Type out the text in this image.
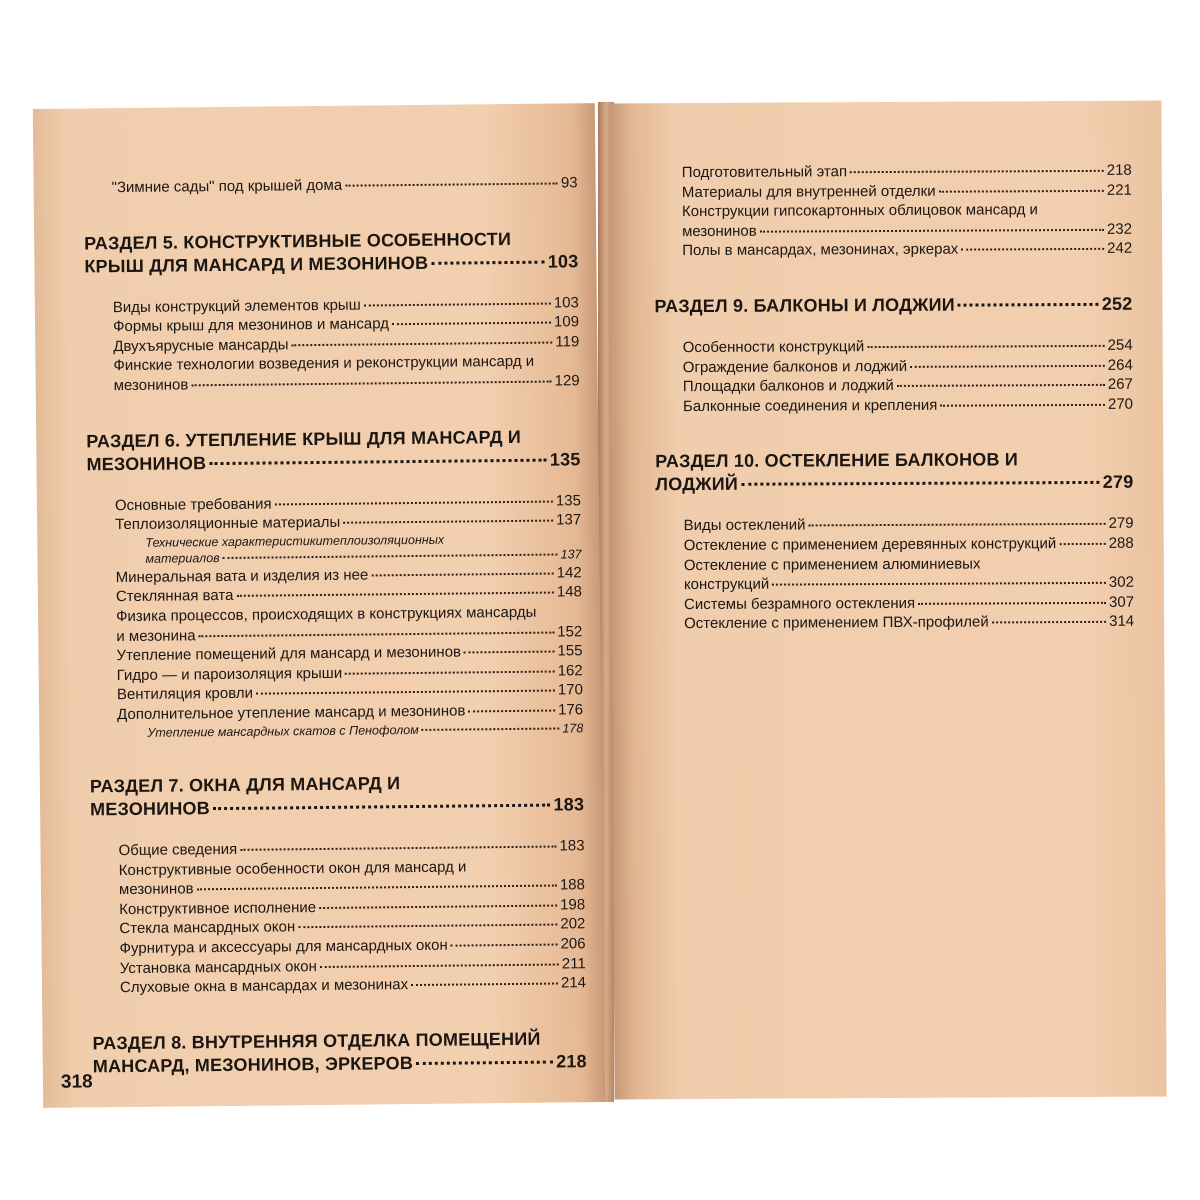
"Зимние сады" под крышей дома	93
РАЗДЕЛ 5. КОНСТРУКТИВНЫЕ ОСОБЕННОСТИ
КРЫШ ДЛЯ МАНСАРД И МЕЗОНИНОВ	103
Виды конструкций элементов крыш	103
Формы крыш для мезонинов и мансард	109
Двухъярусные мансарды	119
Финские технологии возведения и реконструкции мансард и
мезонинов	129
РАЗДЕЛ 6. УТЕПЛЕНИЕ КРЫШ ДЛЯ МАНСАРД И
МЕЗОНИНОВ	135
Основные требования	135
Теплоизоляционные материалы	137
Технические характеристикитеплоизоляционных
материалов	137
Минеральная вата и изделия из нее	142
Стеклянная вата	148
Физика процессов, происходящих в конструкциях мансарды
и мезонина	152
Утепление помещений для мансард и мезонинов	155
Гидро — и пароизоляция крыши	162
Вентиляция кровли	170
Дополнительное утепление мансард и мезонинов	176
Утепление мансардных скатов с Пенофолом	178
РАЗДЕЛ 7. ОКНА ДЛЯ МАНСАРД И
МЕЗОНИНОВ	183
Общие сведения	183
Конструктивные особенности окон для мансард и
мезонинов	188
Конструктивное исполнение	198
Стекла мансардных окон	202
Фурнитура и аксессуары для мансардных окон	206
Установка мансардных окон	211
Слуховые окна в мансардах и мезонинах	214
РАЗДЕЛ 8. ВНУТРЕННЯЯ ОТДЕЛКА ПОМЕЩЕНИЙ
МАНСАРД, МЕЗОНИНОВ, ЭРКЕРОВ	218
318
Подготовительный этап	218
Материалы для внутренней отделки	221
Конструкции гипсокартонных облицовок мансард и
мезонинов	232
Полы в мансардах, мезонинах, эркерах	242
РАЗДЕЛ 9. БАЛКОНЫ И ЛОДЖИИ	252
Особенности конструкций	254
Ограждение балконов и лоджий	264
Площадки балконов и лоджий	267
Балконные соединения и крепления	270
РАЗДЕЛ 10. ОСТЕКЛЕНИЕ БАЛКОНОВ И
ЛОДЖИЙ	279
Виды остеклений	279
Остекление с применением деревянных конструкций	288
Остекление с применением алюминиевых
конструкций	302
Системы безрамного остекления	307
Остекление с применением ПВХ-профилей	314
